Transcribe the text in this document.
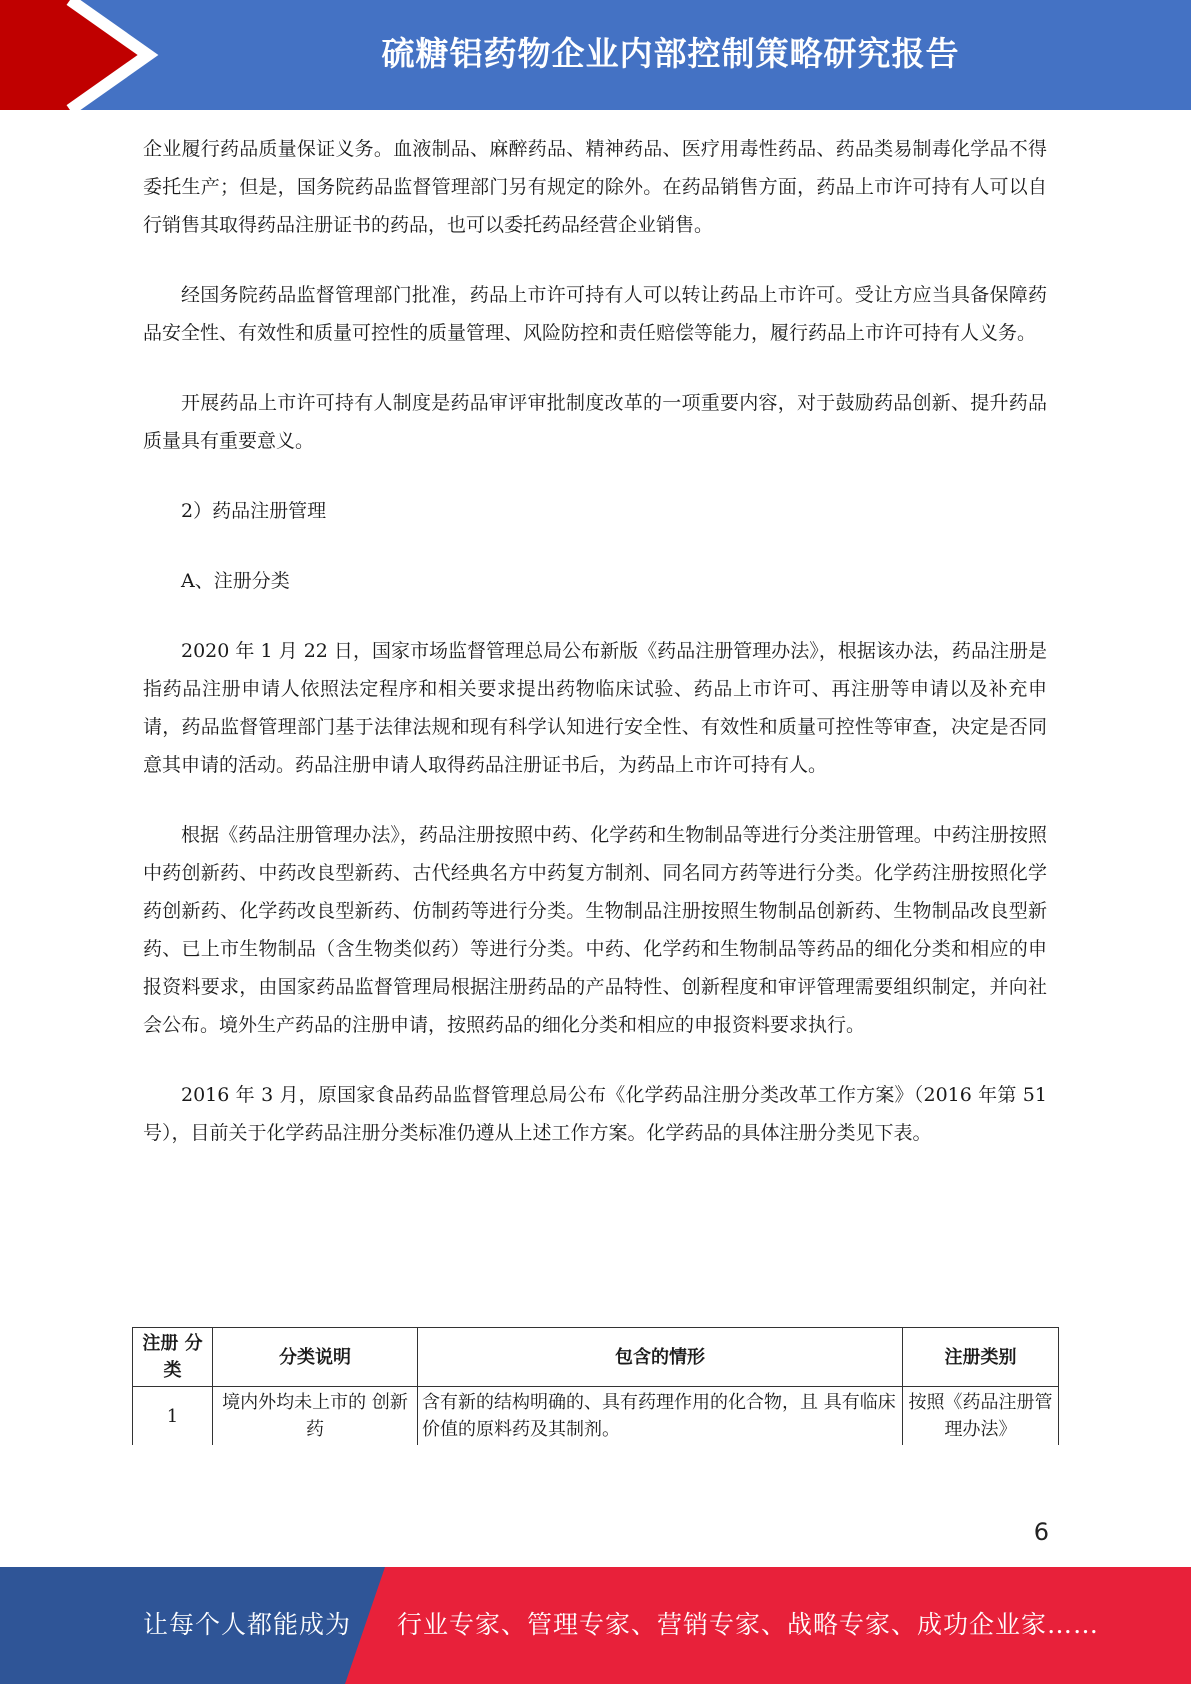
硫糖铝药物企业内部控制策略研究报告

企业履行药品质量保证义务。血液制品、麻醉药品、精神药品、医疗用毒性药品、药品类易制毒化学品不得委托生产；但是，国务院药品监督管理部门另有规定的除外。在药品销售方面，药品上市许可持有人可以自行销售其取得药品注册证书的药品，也可以委托药品经营企业销售。

经国务院药品监督管理部门批准，药品上市许可持有人可以转让药品上市许可。受让方应当具备保障药品安全性、有效性和质量可控性的质量管理、风险防控和责任赔偿等能力，履行药品上市许可持有人义务。

开展药品上市许可持有人制度是药品审评审批制度改革的一项重要内容，对于鼓励药品创新、提升药品质量具有重要意义。

2）药品注册管理

A、注册分类

2020 年 1 月 22 日，国家市场监督管理总局公布新版《药品注册管理办法》，根据该办法，药品注册是指药品注册申请人依照法定程序和相关要求提出药物临床试验、药品上市许可、再注册等申请以及补充申请，药品监督管理部门基于法律法规和现有科学认知进行安全性、有效性和质量可控性等审查，决定是否同意其申请的活动。药品注册申请人取得药品注册证书后，为药品上市许可持有人。

根据《药品注册管理办法》，药品注册按照中药、化学药和生物制品等进行分类注册管理。中药注册按照中药创新药、中药改良型新药、古代经典名方中药复方制剂、同名同方药等进行分类。化学药注册按照化学药创新药、化学药改良型新药、仿制药等进行分类。生物制品注册按照生物制品创新药、生物制品改良型新药、已上市生物制品（含生物类似药）等进行分类。中药、化学药和生物制品等药品的细化分类和相应的申报资料要求，由国家药品监督管理局根据注册药品的产品特性、创新程度和审评管理需要组织制定，并向社会公布。境外生产药品的注册申请，按照药品的细化分类和相应的申报资料要求执行。

2016 年 3 月，原国家食品药品监督管理总局公布《化学药品注册分类改革工作方案》（2016 年第 51 号），目前关于化学药品注册分类标准仍遵从上述工作方案。化学药品的具体注册分类见下表。

注册 分类	分类说明	包含的情形	注册类别
1	境内外均未上市的 创新药	含有新的结构明确的、具有药理作用的化合物，且 具有临床价值的原料药及其制剂。	按照《药品注册管理办法》
6
让每个人都能成为 行业专家、管理专家、营销专家、战略专家、成功企业家……
